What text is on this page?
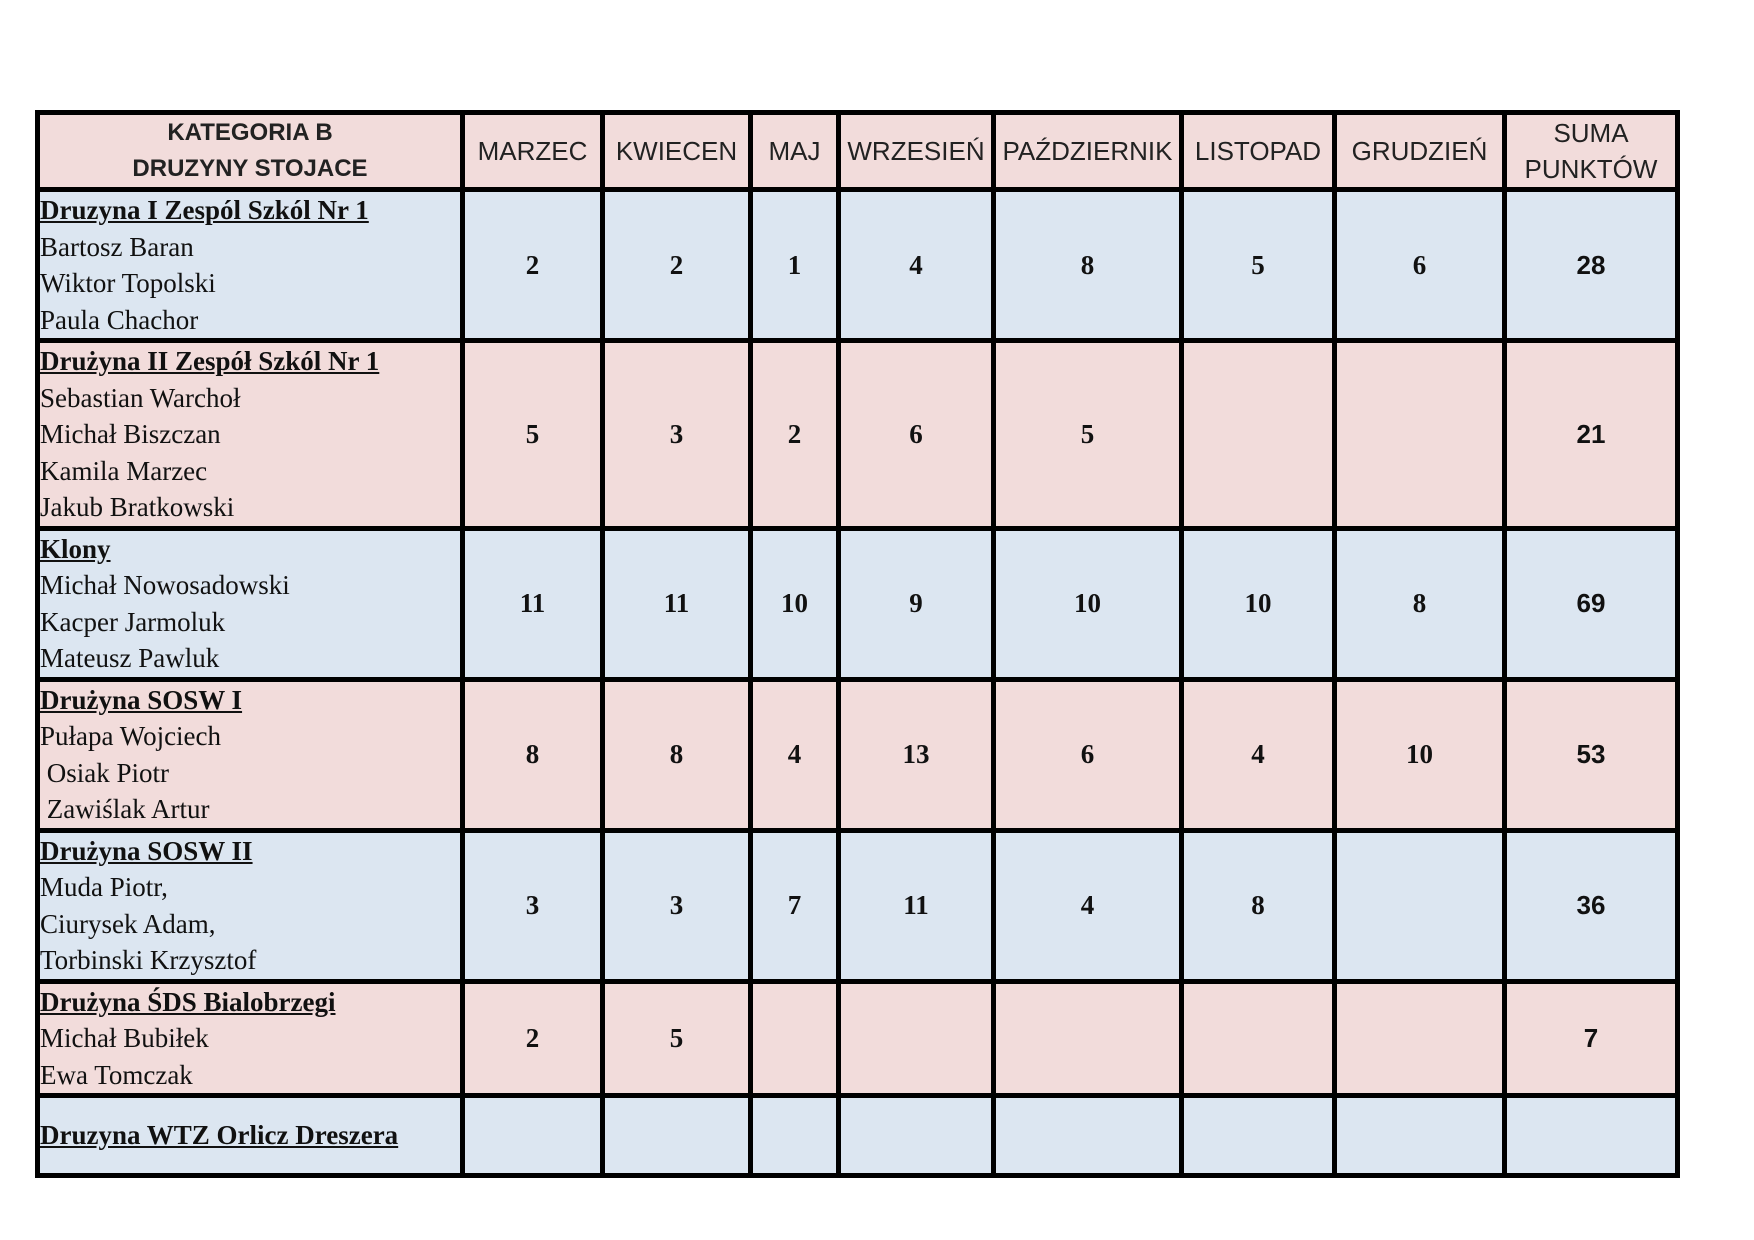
KATEGORIA B
DRUZYNY STOJACE	MARZEC	KWIECEN	MAJ	WRZESIEŃ	PAŹDZIERNIK	LISTOPAD	GRUDZIEŃ	SUMA
PUNKTÓW

Druzyna I Zespól Szkól Nr 1
Bartosz Baran
Wiktor Topolski
Paula Chachor	2	2	1	4	8	5	6	28

Drużyna II Zespół Szkól Nr 1
Sebastian Warchoł
Michał Biszczan
Kamila Marzec
Jakub Bratkowski	5	3	2	6	5			21

Klony
Michał Nowosadowski
Kacper Jarmoluk
Mateusz Pawluk	11	11	10	9	10	10	8	69

Drużyna SOSW I
Pułapa Wojciech
Osiak Piotr
Zawiślak Artur	8	8	4	13	6	4	10	53

Drużyna SOSW II
Muda Piotr,
Ciurysek Adam,
Torbinski Krzysztof	3	3	7	11	4	8		36

Drużyna ŚDS Bialobrzegi
Michał Bubiłek
Ewa Tomczak	2	5						7

Druzyna WTZ Orlicz Dreszera								
